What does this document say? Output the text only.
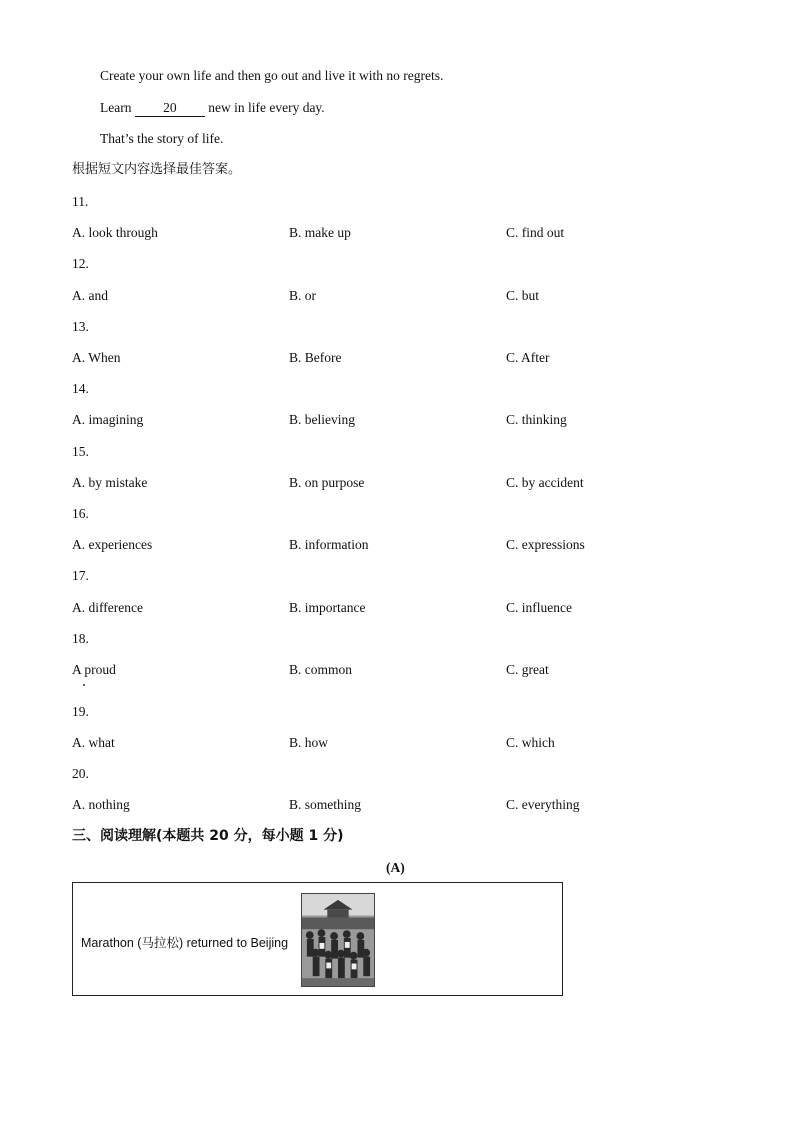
Create your own life and then go out and live it with no regrets.
Learn 20 new in life every day.
That’s the story of life.
根据短文内容选择最佳答案。
11.
A. look through	B. make up	C. find out
12.
A. and	B. or	C. but
13.
A. When	B. Before	C. After
14.
A. imagining	B. believing	C. thinking
15.
A. by mistake	B. on purpose	C. by accident
16.
A. experiences	B. information	C. expressions
17.
A. difference	B. importance	C. influence
18.
A proud	B. common	C. great
19.
A. what	B. how	C. which
20.
A. nothing	B. something	C. everything
三、阅读理解(本题共 20 分，每小题 1 分)
(A)
Marathon (马拉松) returned to Beijing
